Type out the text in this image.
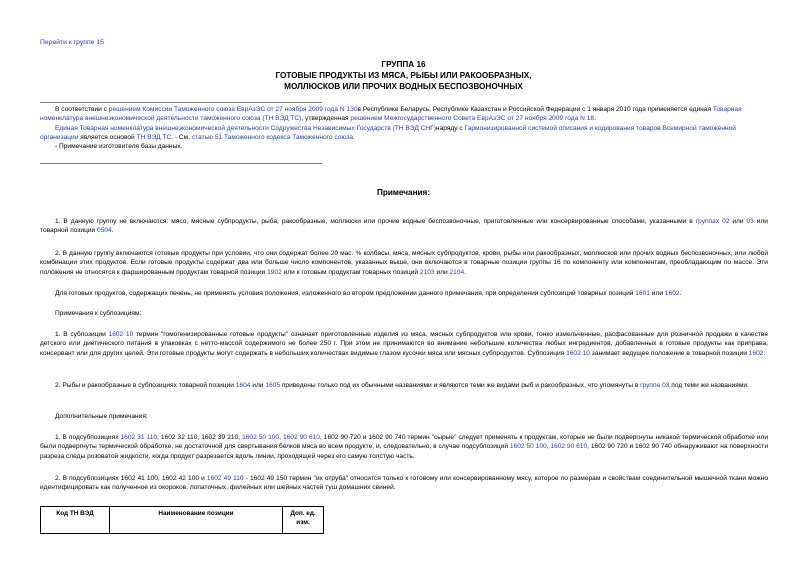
Перейти к группе 15
ГРУППА 16
ГОТОВЫЕ ПРОДУКТЫ ИЗ МЯСА, РЫБЫ ИЛИ РАКООБРАЗНЫХ,
МОЛЛЮСКОВ ИЛИ ПРОЧИХ ВОДНЫХ БЕСПОЗВОНОЧНЫХ

В соответствии с решением Комиссии Таможенного союза ЕврАзЭС от 27 ноября 2009 года N 130в Республике Беларусь, Республике Казахстан и Российской Федерации с 1 января 2010 года применяется единая Товарная номенклатура внешнеэкономической деятельности таможенного союза (ТН ВЭД ТС), утвержденная решением Межгосударственного Совета ЕврАзЭС от 27 ноября 2009 года N 18.

Единая Товарная номенклатура внешнеэкономической деятельности Содружества Независимых Государств (ТН ВЭД СНГ)наряду с Гармонизированной системой описания и кодирования товаров Всемирной таможенной организации является основой ТН ВЭД ТС. - См. статью 51 Таможенного кодекса Таможенного союза.

- Примечание изготовителя базы данных.

Примечания:

1. В данную группу не включаются: мясо, мясные субпродукты, рыба, ракообразные, моллюски или прочие водные беспозвоночные, приготовленные или консервированные способами, указанными в группах 02 или 03 или товарной позиции 0504.

2. В данную группу включаются готовые продукты при условии, что они содержат более 20 мас. % колбасы, мяса, мясных субпродуктов, крови, рыбы или ракообразных, моллюсков или прочих водных беспозвоночных, или любой комбинации этих продуктов. Если готовые продукты содержат два или больше число компонентов, указанных выше, они включаются в товарные позиции группы 16 по компоненту или компонентам, преобладающим по массе. Эти положения не относятся к фаршированным продуктам товарной позиции 1902 или к готовым продуктам товарных позиций 2103 или 2104.

Для готовых продуктов, содержащих печень, не применять условия положения, изложенного во втором предложении данного примечания, при определении субпозиций товарных позиций 1601 или 1602.

Примечания к субпозициям:

1. В субпозиции 1602 10 термин "гомогенизированные готовые продукты" означает приготовленные изделия из мяса, мясных субпродуктов или крови, тонко измельченные, расфасованные для розничной продажи в качестве детского или диетического питания в упаковках с нетто-массой содержимого не более 250 г. При этом не принимаются во внимание небольшие количества любых ингредиентов, добавленных в готовые продукты как приправа, консервант или для других целей. Эти готовые продукты могут содержать в небольших количествах видимые глазом кусочки мяса или мясных субпродуктов. Субпозиция 1602 10 занимает ведущее положение в товарной позиции 1602.

2. Рыбы и ракообразные в субпозициях товарной позиции 1604 или 1605 приведены только под их обычными названиями и являются теми же видами рыб и ракообразных, что упомянуты в группе 03 под теми же названиями.

Дополнительные примечания:

1. В подсубпозициях 1602 31 110, 1602 32 110, 1602 39 210, 1602 50 100, 1602 90 610, 1602 90 720 и 1602 90 740 термин "сырые" следует применять к продуктам, которые не были подвергнуты никакой термической обработке или были подвергнуты термической обработке, не достаточной для свертывания белков мяса во всем продукте, и, следовательно, в случае подсубпозиций 1602 50 100, 1602 90 610, 1602 90 720 и 1602 90 740 обнаруживают на поверхности разреза следы розоватой жидкости, когда продукт разрезается вдоль линии, проходящей через его самую толстую часть.

2. В подсубпозициях 1602 41 100, 1602 42 100 и 1602 49 110 - 1602 49 150 термин "их отруба" относится только к готовому или консервированному мясу, которое по размерам и свойствам соединительной мышечной ткани можно идентифицировать как полученное из окороков, лопаточных, филейных или шейных частей туш домашних свиней.

Код ТН ВЭД	Наименование позиции	Доп. ед.
изм.
